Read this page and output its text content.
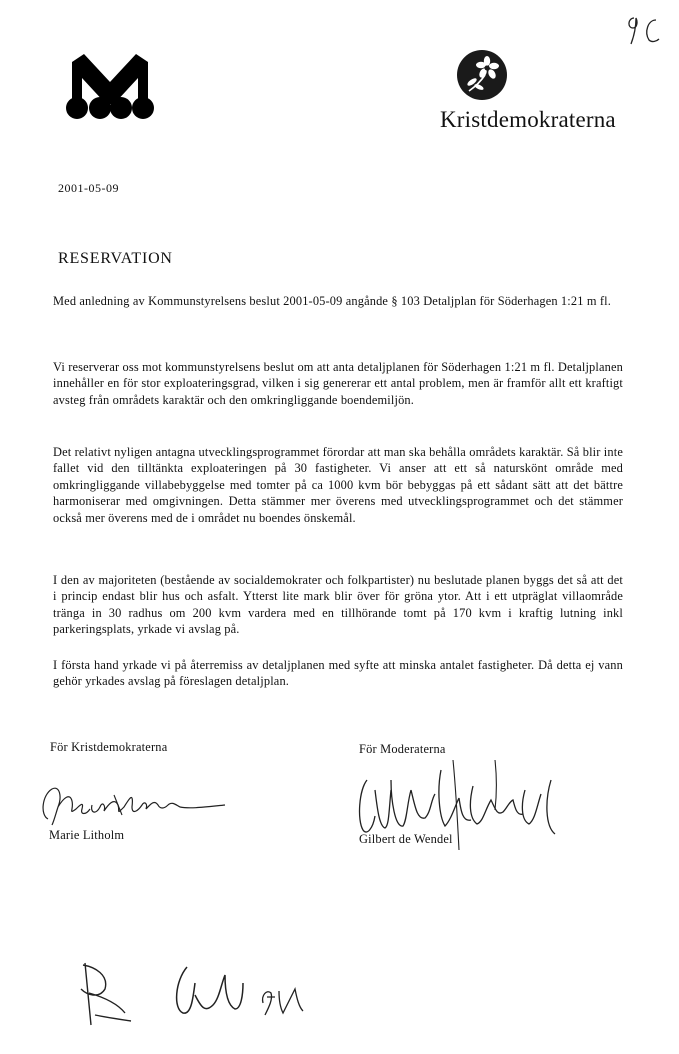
Kristdemokraterna
2001-05-09
RESERVATION

Med anledning av Kommunstyrelsens beslut 2001-05-09 angånde § 103 Detaljplan för Söderhagen 1:21 m fl.

Vi reserverar oss mot kommunstyrelsens beslut om att anta detaljplanen för Söderhagen 1:21 m fl. Detaljplanen innehåller en för stor exploateringsgrad, vilken i sig genererar ett antal problem, men är framför allt ett kraftigt avsteg från områdets karaktär och den omkringliggande boendemiljön.

Det relativt nyligen antagna utvecklingsprogrammet förordar att man ska behålla områdets karaktär. Så blir inte fallet vid den tilltänkta exploateringen på 30 fastigheter. Vi anser att ett så naturskönt område med omkringliggande villabebyggelse med tomter på ca 1000 kvm bör bebyggas på ett sådant sätt att det bättre harmoniserar med omgivningen. Detta stämmer mer överens med utvecklingsprogrammet och det stämmer också mer överens med de i området nu boendes önskemål.

I den av majoriteten (bestående av socialdemokrater och folkpartister) nu beslutade planen byggs det så att det i princip endast blir hus och asfalt. Ytterst lite mark blir över för gröna ytor. Att i ett utpräglat villaområde tränga in 30 radhus om 200 kvm vardera med en tillhörande tomt på 170 kvm i kraftig lutning inkl parkeringsplats, yrkade vi avslag på.

I första hand yrkade vi på återremiss av detaljplanen med syfte att minska antalet fastigheter. Då detta ej vann gehör yrkades avslag på föreslagen detaljplan.

För Kristdemokraterna
Marie Litholm
För Moderaterna
Gilbert de Wendel
